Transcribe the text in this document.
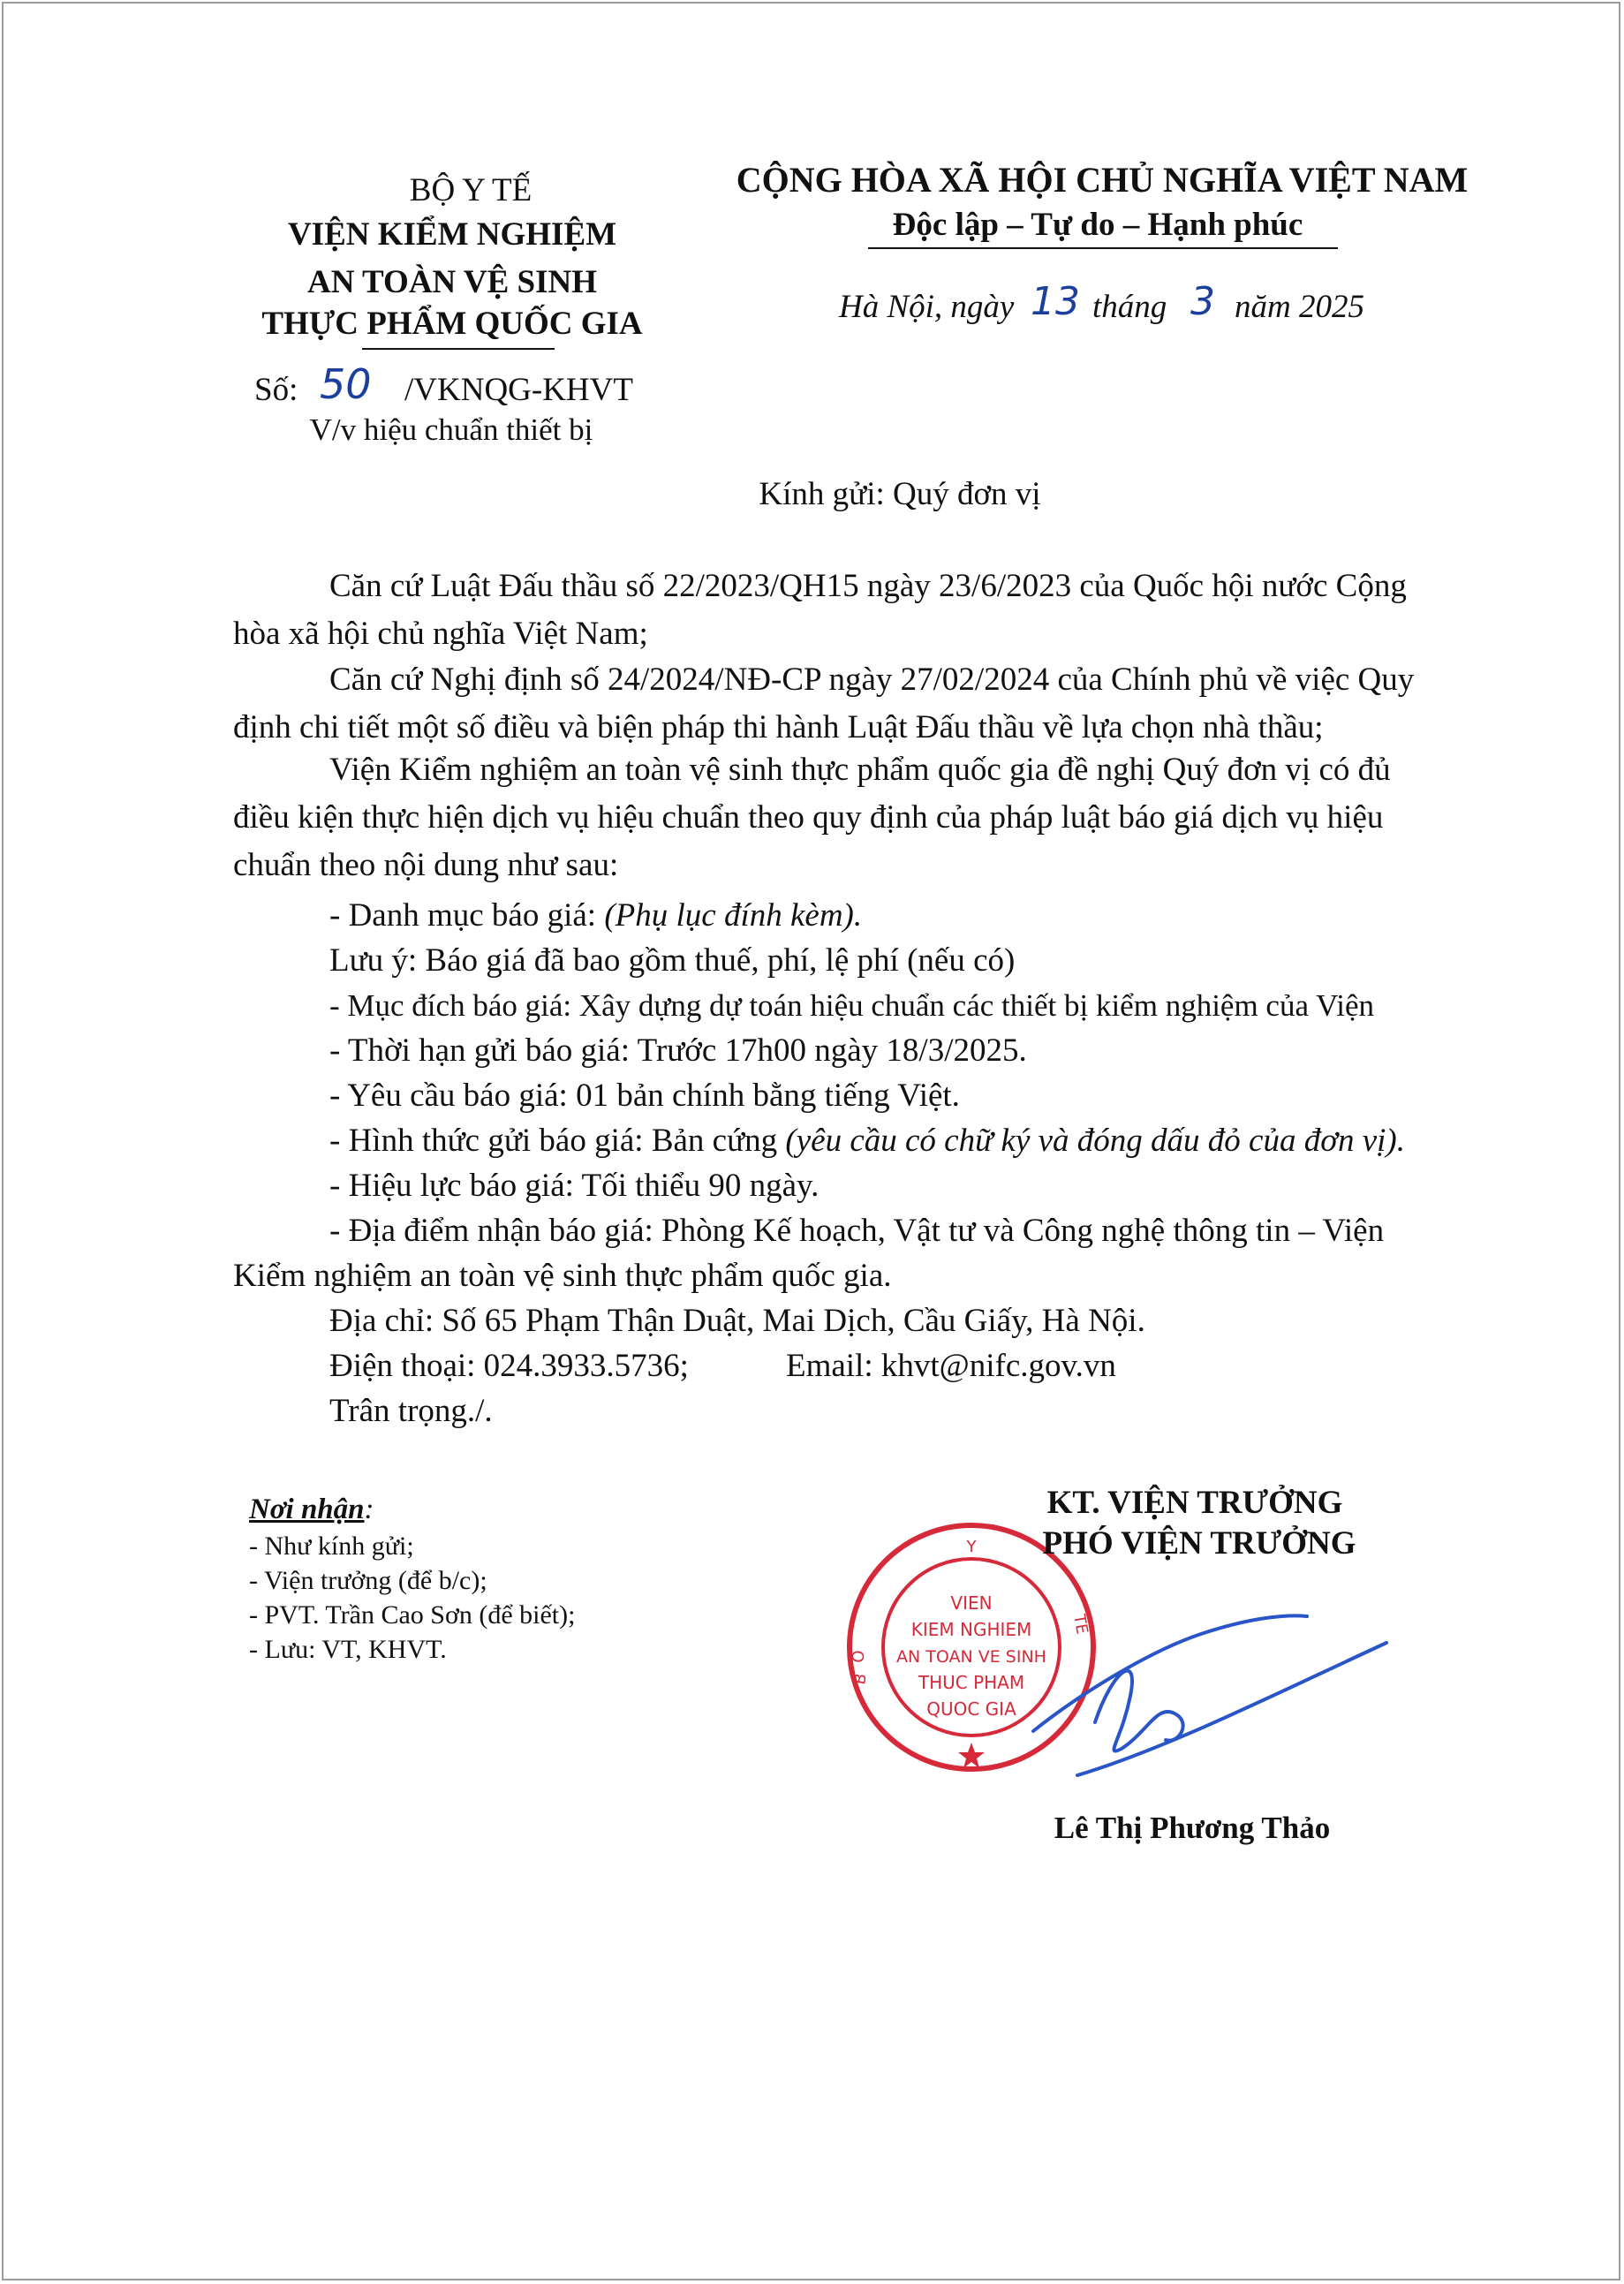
BỘ Y TẾ
VIỆN KIỂM NGHIỆM
AN TOÀN VỆ SINH
THỰC PHẨM QUỐC GIA
Số: 50 /VKNQG-KHVT
V/v hiệu chuẩn thiết bị
CỘNG HÒA XÃ HỘI CHỦ NGHĨA VIỆT NAM
Độc lập – Tự do – Hạnh phúc
Hà Nội, ngày 13 tháng 3 năm 2025
Kính gửi: Quý đơn vị
Căn cứ Luật Đấu thầu số 22/2023/QH15 ngày 23/6/2023 của Quốc hội nước Cộng
hòa xã hội chủ nghĩa Việt Nam;
Căn cứ Nghị định số 24/2024/NĐ-CP ngày 27/02/2024 của Chính phủ về việc Quy
định chi tiết một số điều và biện pháp thi hành Luật Đấu thầu về lựa chọn nhà thầu;
Viện Kiểm nghiệm an toàn vệ sinh thực phẩm quốc gia đề nghị Quý đơn vị có đủ
điều kiện thực hiện dịch vụ hiệu chuẩn theo quy định của pháp luật báo giá dịch vụ hiệu
chuẩn theo nội dung như sau:
- Danh mục báo giá: (Phụ lục đính kèm).
Lưu ý: Báo giá đã bao gồm thuế, phí, lệ phí (nếu có)
- Mục đích báo giá: Xây dựng dự toán hiệu chuẩn các thiết bị kiểm nghiệm của Viện
- Thời hạn gửi báo giá: Trước 17h00 ngày 18/3/2025.
- Yêu cầu báo giá: 01 bản chính bằng tiếng Việt.
- Hình thức gửi báo giá: Bản cứng (yêu cầu có chữ ký và đóng dấu đỏ của đơn vị).
- Hiệu lực báo giá: Tối thiểu 90 ngày.
- Địa điểm nhận báo giá: Phòng Kế hoạch, Vật tư và Công nghệ thông tin – Viện
Kiểm nghiệm an toàn vệ sinh thực phẩm quốc gia.
Địa chỉ: Số 65 Phạm Thận Duật, Mai Dịch, Cầu Giấy, Hà Nội.
Điện thoại: 024.3933.5736;	Email: khvt@nifc.gov.vn
Trân trọng./.
Nơi nhận:
- Như kính gửi;
- Viện trưởng (để b/c);
- PVT. Trần Cao Sơn (để biết);
- Lưu: VT, KHVT.
Y
B
O
TẾ
VIEN
KIEM NGHIEM
AN TOAN VE SINH
THUC PHAM
QUOC GIA
KT. VIỆN TRƯỞNG
PHÓ VIỆN TRƯỞNG
Lê Thị Phương Thảo
